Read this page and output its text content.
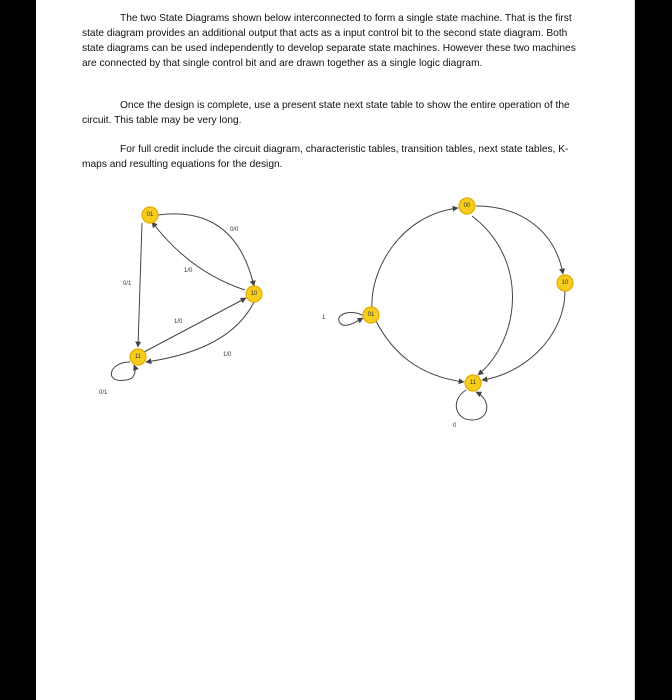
The two State Diagrams shown below interconnected to form a single state machine. That is the first state diagram provides an additional output that acts as a input control bit to the second state diagram. Both state diagrams can be used independently to develop separate state machines. However these two machines are connected by that single control bit and are drawn together as a single logic diagram.

Once the design is complete, use a present state next state table to show the entire operation of the circuit. This table may be very long.

For full credit include the circuit diagram, characteristic tables, transition tables, next state tables, K-maps and resulting equations for the design.

0/0
1/0
0/1
1/0
1/0
0/1
01
10
11
1
0
00
10
01
11
